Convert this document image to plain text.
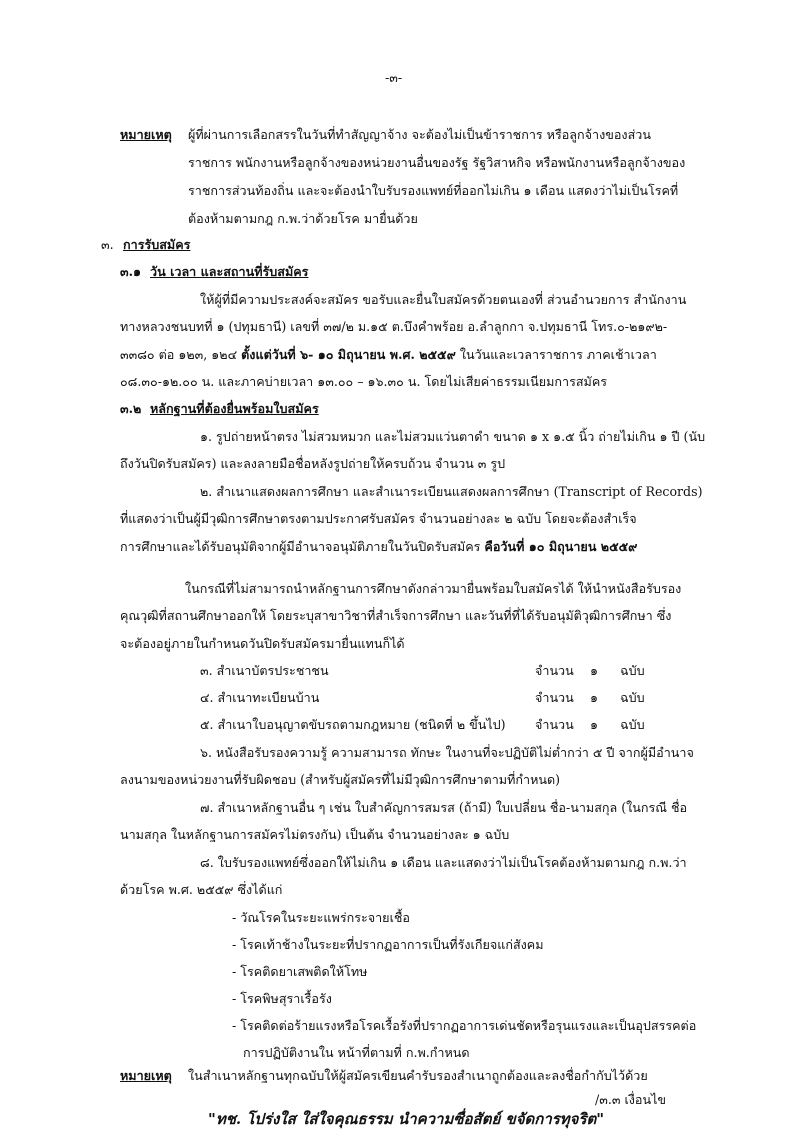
-๓-
หมายเหตุ ผู้ที่ผ่านการเลือกสรรในวันที่ทำสัญญาจ้าง จะต้องไม่เป็นข้าราชการ หรือลูกจ้างของส่วน
ราชการ พนักงานหรือลูกจ้างของหน่วยงานอื่นของรัฐ รัฐวิสาหกิจ หรือพนักงานหรือลูกจ้างของ
ราชการส่วนท้องถิ่น และจะต้องนำใบรับรองแพทย์ที่ออกไม่เกิน ๑ เดือน แสดงว่าไม่เป็นโรคที่
ต้องห้ามตามกฎ ก.พ.ว่าด้วยโรค มายื่นด้วย
๓. การรับสมัคร
๓.๑ วัน เวลา และสถานที่รับสมัคร
ให้ผู้ที่มีความประสงค์จะสมัคร ขอรับและยื่นใบสมัครด้วยตนเองที่ ส่วนอำนวยการ สำนักงาน
ทางหลวงชนบทที่ ๑ (ปทุมธานี) เลขที่ ๓๗/๒ ม.๑๕ ต.บึงคำพร้อย อ.ลำลูกกา จ.ปทุมธานี โทร.๐-๒๑๙๒-
๓๓๘๐ ต่อ ๑๒๓, ๑๒๔ ตั้งแต่วันที่ ๖- ๑๐ มิถุนายน พ.ศ. ๒๕๕๙ ในวันและเวลาราชการ ภาคเช้าเวลา
๐๘.๓๐-๑๒.๐๐ น. และภาคบ่ายเวลา ๑๓.๐๐ – ๑๖.๓๐ น. โดยไม่เสียค่าธรรมเนียมการสมัคร
๓.๒ หลักฐานที่ต้องยื่นพร้อมใบสมัคร
๑. รูปถ่ายหน้าตรง ไม่สวมหมวก และไม่สวมแว่นตาดำ ขนาด ๑ x ๑.๕ นิ้ว ถ่ายไม่เกิน ๑ ปี (นับ
ถึงวันปิดรับสมัคร) และลงลายมือชื่อหลังรูปถ่ายให้ครบถ้วน จำนวน ๓ รูป
๒. สำเนาแสดงผลการศึกษา และสำเนาระเบียนแสดงผลการศึกษา (Transcript of Records)
ที่แสดงว่าเป็นผู้มีวุฒิการศึกษาตรงตามประกาศรับสมัคร จำนวนอย่างละ ๒ ฉบับ โดยจะต้องสำเร็จ
การศึกษาและได้รับอนุมัติจากผู้มีอำนาจอนุมัติภายในวันปิดรับสมัคร คือวันที่ ๑๐ มิถุนายน ๒๕๕๙
ในกรณีที่ไม่สามารถนำหลักฐานการศึกษาดังกล่าวมายื่นพร้อมใบสมัครได้ ให้นำหนังสือรับรอง
คุณวุฒิที่สถานศึกษาออกให้ โดยระบุสาขาวิชาที่สำเร็จการศึกษา และวันที่ที่ได้รับอนุมัติวุฒิการศึกษา ซึ่ง
จะต้องอยู่ภายในกำหนดวันปิดรับสมัครมายื่นแทนก็ได้
๓. สำเนาบัตรประชาชน	จำนวน ๑ ฉบับ
๔. สำเนาทะเบียนบ้าน	จำนวน ๑ ฉบับ
๕. สำเนาใบอนุญาตขับรถตามกฎหมาย (ชนิดที่ ๒ ขึ้นไป) จำนวน ๑ ฉบับ
๖. หนังสือรับรองความรู้ ความสามารถ ทักษะ ในงานที่จะปฏิบัติไม่ต่ำกว่า ๕ ปี จากผู้มีอำนาจ
ลงนามของหน่วยงานที่รับผิดชอบ (สำหรับผู้สมัครที่ไม่มีวุฒิการศึกษาตามที่กำหนด)
๗. สำเนาหลักฐานอื่น ๆ เช่น ใบสำคัญการสมรส (ถ้ามี) ใบเปลี่ยน ชื่อ-นามสกุล (ในกรณี ชื่อ
นามสกุล ในหลักฐานการสมัครไม่ตรงกัน) เป็นต้น จำนวนอย่างละ ๑ ฉบับ
๘. ใบรับรองแพทย์ซึ่งออกให้ไม่เกิน ๑ เดือน และแสดงว่าไม่เป็นโรคต้องห้ามตามกฎ ก.พ.ว่า
ด้วยโรค พ.ศ. ๒๕๕๙ ซึ่งได้แก่
- วัณโรคในระยะแพร่กระจายเชื้อ
- โรคเท้าช้างในระยะที่ปรากฏอาการเป็นที่รังเกียจแก่สังคม
- โรคติดยาเสพติดให้โทษ
- โรคพิษสุราเรื้อรัง
- โรคติดต่อร้ายแรงหรือโรคเรื้อรังที่ปรากฏอาการเด่นชัดหรือรุนแรงและเป็นอุปสรรคต่อ
การปฏิบัติงานใน หน้าที่ตามที่ ก.พ.กำหนด
หมายเหตุ ในสำเนาหลักฐานทุกฉบับให้ผู้สมัครเขียนคำรับรองสำเนาถูกต้องและลงชื่อกำกับไว้ด้วย
/๓.๓ เงื่อนไข
"ทช. โปร่งใส ใส่ใจคุณธรรม นำความซื่อสัตย์ ขจัดการทุจริต"
